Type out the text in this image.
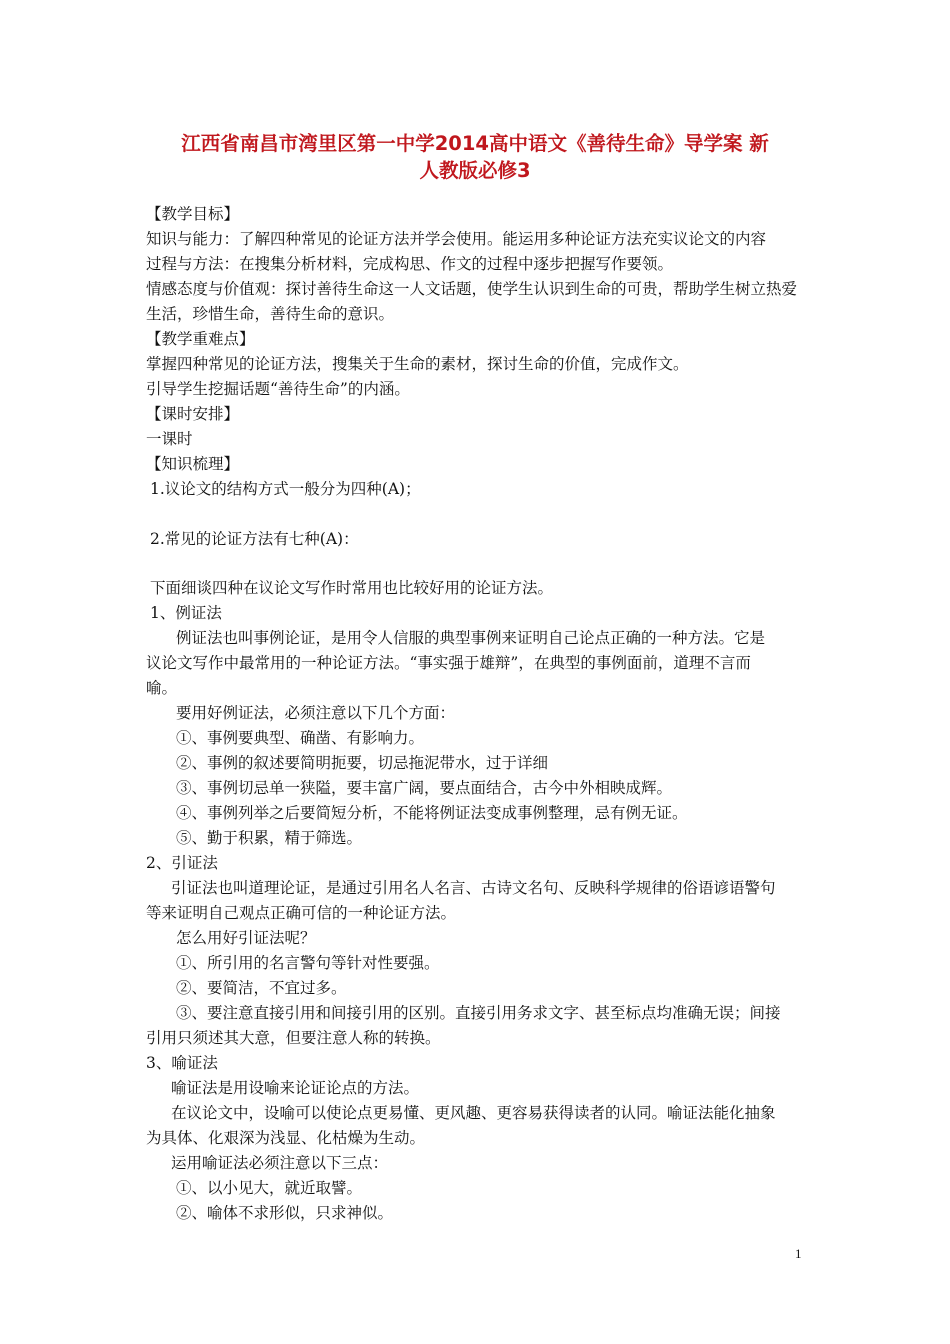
江西省南昌市湾里区第一中学2014高中语文《善待生命》导学案 新
人教版必修3
【教学目标】
知识与能力：了解四种常见的论证方法并学会使用。能运用多种论证方法充实议论文的内容
过程与方法：在搜集分析材料，完成构思、作文的过程中逐步把握写作要领。
情感态度与价值观：探讨善待生命这一人文话题，使学生认识到生命的可贵，帮助学生树立热爱
生活，珍惜生命，善待生命的意识。
【教学重难点】
掌握四种常见的论证方法，搜集关于生命的素材，探讨生命的价值，完成作文。
引导学生挖掘话题“善待生命”的内涵。
【课时安排】
一课时
【知识梳理】
1.议论文的结构方式一般分为四种(A)；
2.常见的论证方法有七种(A)：
下面细谈四种在议论文写作时常用也比较好用的论证方法。
1、例证法
例证法也叫事例论证，是用令人信服的典型事例来证明自己论点正确的一种方法。它是
议论文写作中最常用的一种论证方法。“事实强于雄辩”，在典型的事例面前，道理不言而
喻。
要用好例证法，必须注意以下几个方面：
①、事例要典型、确凿、有影响力。
②、事例的叙述要简明扼要，切忌拖泥带水，过于详细
③、事例切忌单一狭隘，要丰富广阔，要点面结合，古今中外相映成辉。
④、事例列举之后要简短分析，不能将例证法变成事例整理，忌有例无证。
⑤、勤于积累，精于筛选。
2、引证法
引证法也叫道理论证，是通过引用名人名言、古诗文名句、反映科学规律的俗语谚语警句
等来证明自己观点正确可信的一种论证方法。
怎么用好引证法呢？
①、所引用的名言警句等针对性要强。
②、要简洁，不宜过多。
③、要注意直接引用和间接引用的区别。直接引用务求文字、甚至标点均准确无误；间接
引用只须述其大意，但要注意人称的转换。
3、喻证法
喻证法是用设喻来论证论点的方法。
在议论文中，设喻可以使论点更易懂、更风趣、更容易获得读者的认同。喻证法能化抽象
为具体、化艰深为浅显、化枯燥为生动。
运用喻证法必须注意以下三点：
①、以小见大，就近取譬。
②、喻体不求形似，只求神似。
1
